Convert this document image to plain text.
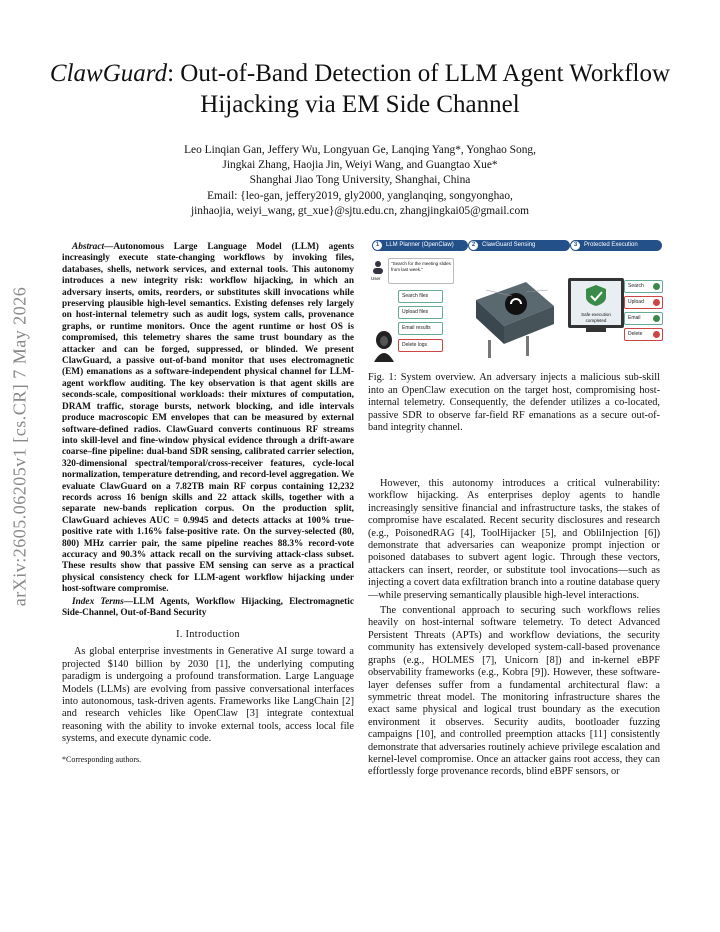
arXiv:2605.06205v1 [cs.CR] 7 May 2026
ClawGuard: Out-of-Band Detection of LLM Agent Workflow Hijacking via EM Side Channel
Leo Linqian Gan, Jeffery Wu, Longyuan Ge, Lanqing Yang*, Yonghao Song,
Jingkai Zhang, Haojia Jin, Weiyi Wang, and Guangtao Xue*
Shanghai Jiao Tong University, Shanghai, China
Email: {leo-gan, jeffery2019, gly2000, yanglanqing, songyonghao,
jinhaojia, weiyi_wang, gt_xue}@sjtu.edu.cn, zhangjingkai05@gmail.com

Abstract—Autonomous Large Language Model (LLM) agents increasingly execute state-changing workflows by invoking files, databases, shells, network services, and external tools. This autonomy introduces a new integrity risk: workflow hijacking, in which an adversary inserts, omits, reorders, or substitutes skill invocations while preserving plausible high-level semantics. Existing defenses rely largely on host-internal telemetry such as audit logs, system calls, provenance graphs, or runtime monitors. Once the agent runtime or host OS is compromised, this telemetry shares the same trust boundary as the attacker and can be forged, suppressed, or blinded. We present ClawGuard, a passive out-of-band monitor that uses electromagnetic (EM) emanations as a software-independent physical channel for LLM-agent workflow auditing. The key observation is that agent skills are seconds-scale, compositional workloads: their mixtures of computation, DRAM traffic, storage bursts, network blocking, and idle intervals produce macroscopic EM envelopes that can be measured by external software-defined radios. ClawGuard converts continuous RF streams into skill-level and fine-window physical evidence through a drift-aware coarse–fine pipeline: dual-band SDR sensing, calibrated carrier selection, 320-dimensional spectral/temporal/cross-receiver features, cycle-local normalization, temperature detrending, and record-level aggregation. We evaluate ClawGuard on a 7.82TB main RF corpus containing 12,232 records across 16 benign skills and 22 attack skills, together with a separate new-bands replication corpus. On the production split, ClawGuard achieves AUC = 0.9945 and detects attacks at 100% true-positive rate with 1.16% false-positive rate. On the survey-selected (80, 800) MHz carrier pair, the same pipeline reaches 88.3% record-vote accuracy and 90.3% attack recall on the surviving attack-class subset. These results show that passive EM sensing can serve as a practical physical consistency check for LLM-agent workflow hijacking under host-software compromise.

Index Terms—LLM Agents, Workflow Hijacking, Electromagnetic Side-Channel, Out-of-Band Security

I. Introduction

As global enterprise investments in Generative AI surge toward a projected $140 billion by 2030 [1], the underlying computing paradigm is undergoing a profound transformation. Large Language Models (LLMs) are evolving from passive conversational interfaces into autonomous, task-driven agents. Frameworks like LangChain [2] and research vehicles like OpenClaw [3] integrate contextual reasoning with the ability to invoke external tools, access local file systems, and execute dynamic code.

*Corresponding authors.
1	LLM Planner (OpenClaw)	2	ClawGuard Sensing	3	Protected Execution
User
"Search for the meeting slides from last week."
Search files
Upload files
Email results
Delete logs
Safe execution completed
Search
Upload
Email
Delete

Fig. 1: System overview. An adversary injects a malicious sub-skill into an OpenClaw execution on the target host, compromising host-internal telemetry. Consequently, the defender utilizes a co-located, passive SDR to observe far-field RF emanations as a secure out-of-band integrity channel.

However, this autonomy introduces a critical vulnerability: workflow hijacking. As enterprises deploy agents to handle increasingly sensitive financial and infrastructure tasks, the stakes of compromise have escalated. Recent security disclosures and research (e.g., PoisonedRAG [4], ToolHijacker [5], and ObliInjection [6]) demonstrate that adversaries can weaponize prompt injection or poisoned databases to subvert agent logic. Through these vectors, attackers can insert, reorder, or substitute tool invocations—such as injecting a covert data exfiltration branch into a routine database query—while preserving semantically plausible high-level interactions.

The conventional approach to securing such workflows relies heavily on host-internal software telemetry. To detect Advanced Persistent Threats (APTs) and workflow deviations, the security community has extensively developed system-call-based provenance graphs (e.g., HOLMES [7], Unicorn [8]) and in-kernel eBPF observability frameworks (e.g., Kobra [9]). However, these software-layer defenses suffer from a fundamental architectural flaw: a symmetric threat model. The monitoring infrastructure shares the exact same physical and logical trust boundary as the execution environment it observes. Security audits, bootloader fuzzing campaigns [10], and controlled preemption attacks [11] consistently demonstrate that adversaries routinely achieve privilege escalation and kernel-level compromise. Once an attacker gains root access, they can effortlessly forge provenance records, blind eBPF sensors, or
